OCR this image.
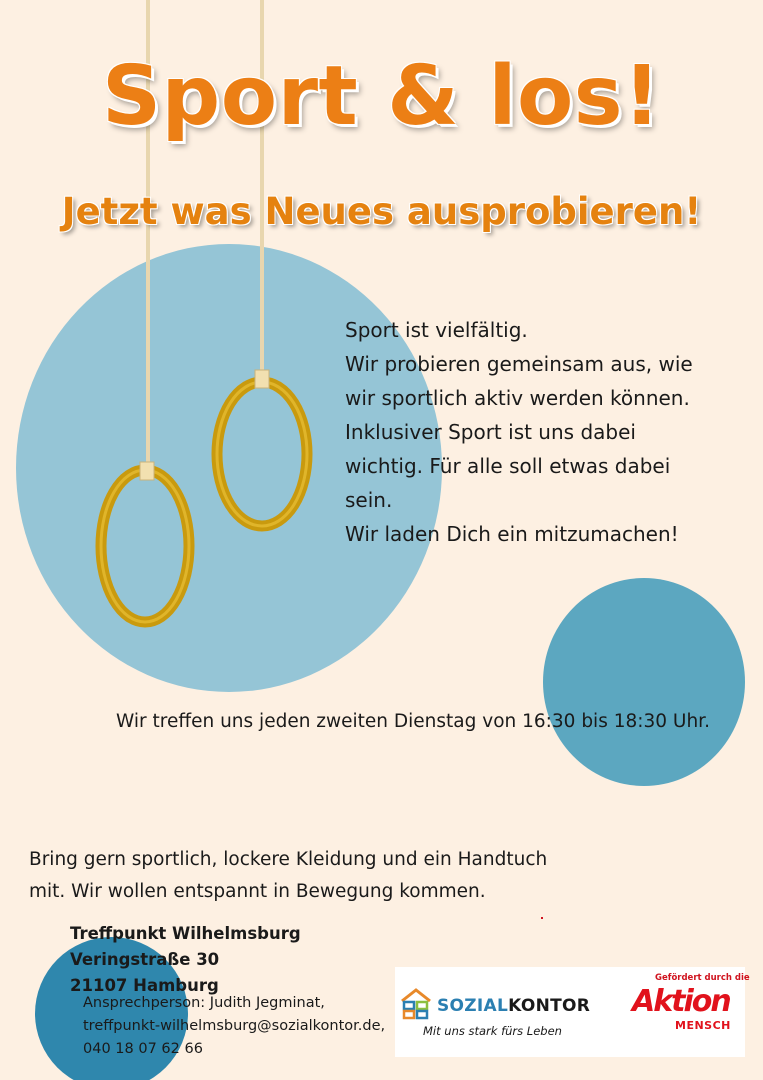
Sport & los!
Jetzt was Neues ausprobieren!

Sport ist vielfältig.

Wir probieren gemeinsam aus, wie

wir sportlich aktiv werden können.

Inklusiver Sport ist uns dabei

wichtig. Für alle soll etwas dabei

sein.

Wir laden Dich ein mitzumachen!

Wir treffen uns jeden zweiten Dienstag von 16:30 bis 18:30 Uhr.

Bring gern sportlich, lockere Kleidung und ein Handtuch

mit. Wir wollen entspannt in Bewegung kommen.

Treffpunkt Wilhelmsburg
Veringstraße 30
21107 Hamburg
Ansprechperson: Judith Jegminat,
treffpunkt-wilhelmsburg@sozialkontor.de,
040 18 07 62 66
SOZIALKONTOR
Mit uns stark fürs Leben
Gefördert durch die
Aktion
MENSCH
